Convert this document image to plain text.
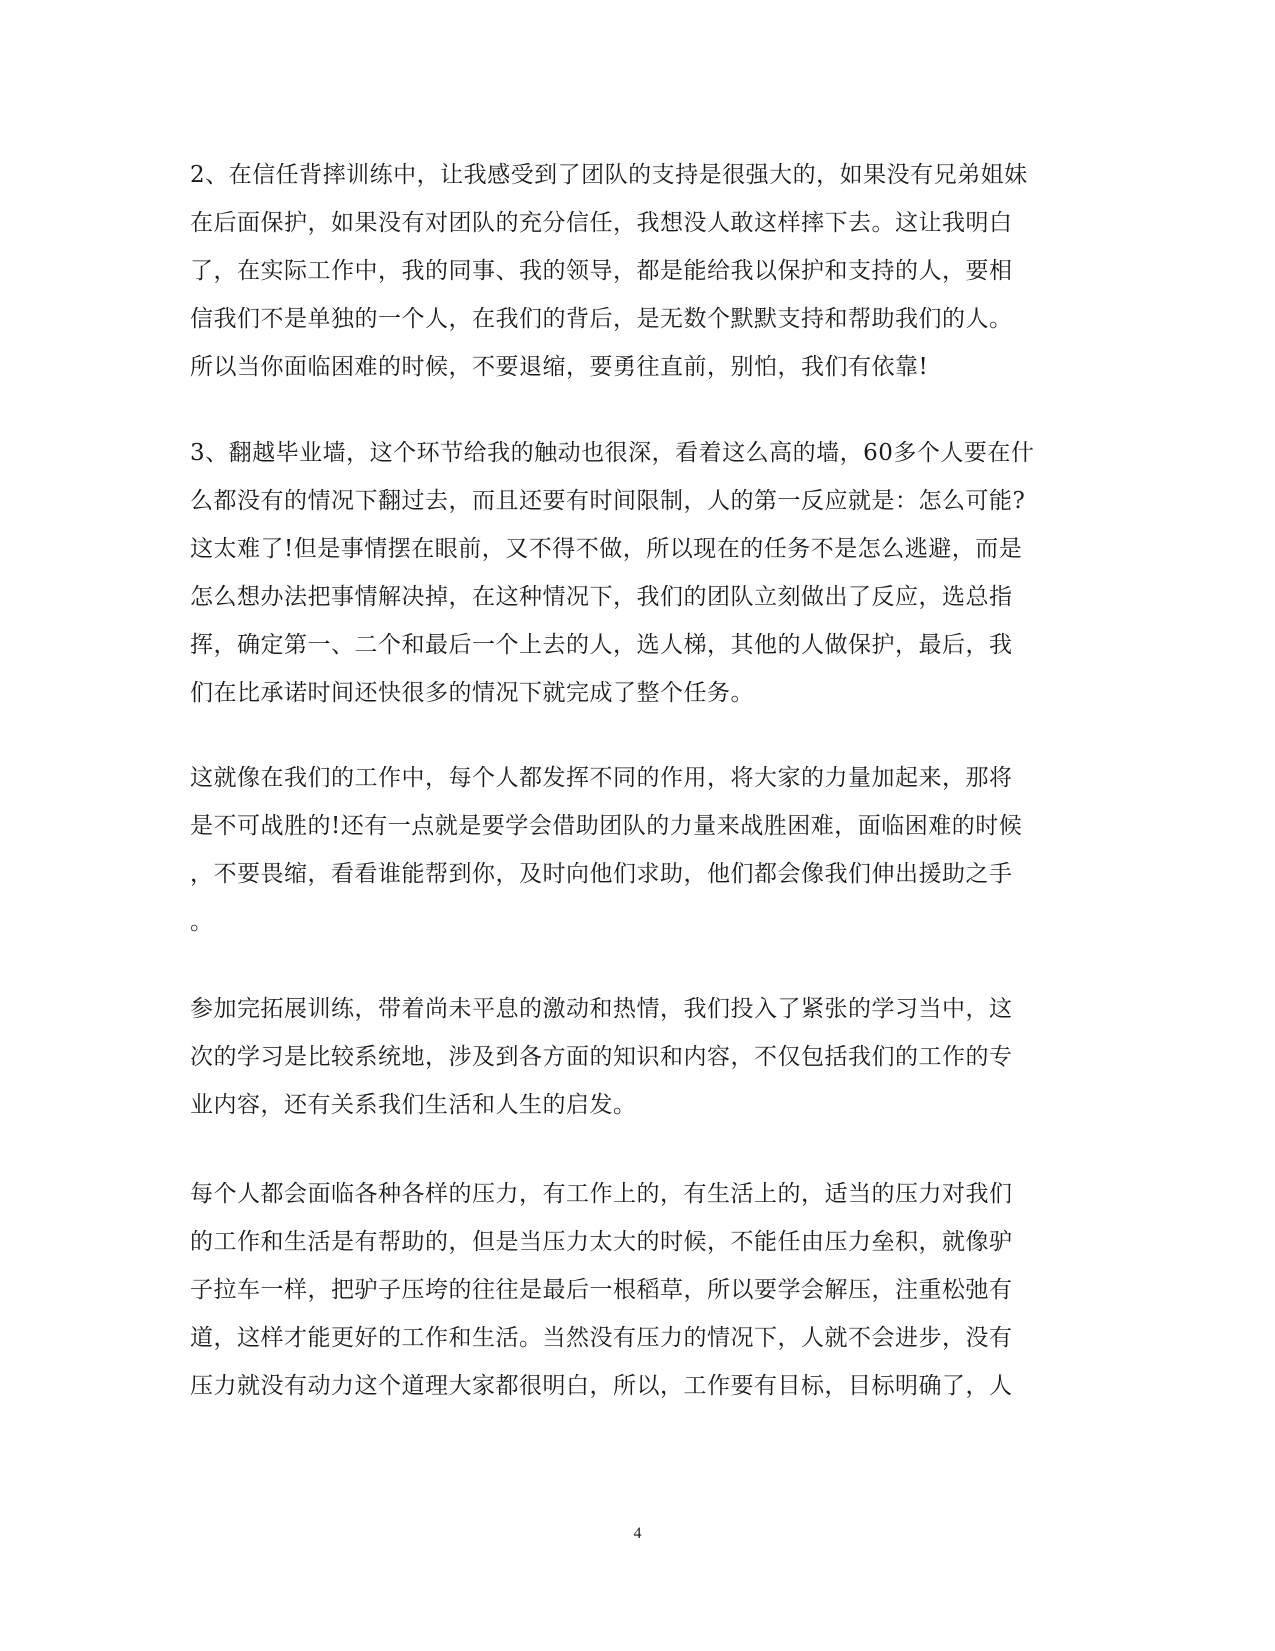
2、在信任背摔训练中，让我感受到了团队的支持是很强大的，如果没有兄弟姐妹
在后面保护，如果没有对团队的充分信任，我想没人敢这样摔下去。这让我明白
了，在实际工作中，我的同事、我的领导，都是能给我以保护和支持的人，要相
信我们不是单独的一个人，在我们的背后，是无数个默默支持和帮助我们的人。
所以当你面临困难的时候，不要退缩，要勇往直前，别怕，我们有依靠!
3、翻越毕业墙，这个环节给我的触动也很深，看着这么高的墙，60多个人要在什
么都没有的情况下翻过去，而且还要有时间限制，人的第一反应就是：怎么可能?
这太难了!但是事情摆在眼前，又不得不做，所以现在的任务不是怎么逃避，而是
怎么想办法把事情解决掉，在这种情况下，我们的团队立刻做出了反应，选总指
挥，确定第一、二个和最后一个上去的人，选人梯，其他的人做保护，最后，我
们在比承诺时间还快很多的情况下就完成了整个任务。
这就像在我们的工作中，每个人都发挥不同的作用，将大家的力量加起来，那将
是不可战胜的!还有一点就是要学会借助团队的力量来战胜困难，面临困难的时候
，不要畏缩，看看谁能帮到你，及时向他们求助，他们都会像我们伸出援助之手
。
参加完拓展训练，带着尚未平息的激动和热情，我们投入了紧张的学习当中，这
次的学习是比较系统地，涉及到各方面的知识和内容，不仅包括我们的工作的专
业内容，还有关系我们生活和人生的启发。
每个人都会面临各种各样的压力，有工作上的，有生活上的，适当的压力对我们
的工作和生活是有帮助的，但是当压力太大的时候，不能任由压力垒积，就像驴
子拉车一样，把驴子压垮的往往是最后一根稻草，所以要学会解压，注重松弛有
道，这样才能更好的工作和生活。当然没有压力的情况下，人就不会进步，没有
压力就没有动力这个道理大家都很明白，所以，工作要有目标，目标明确了，人
4
